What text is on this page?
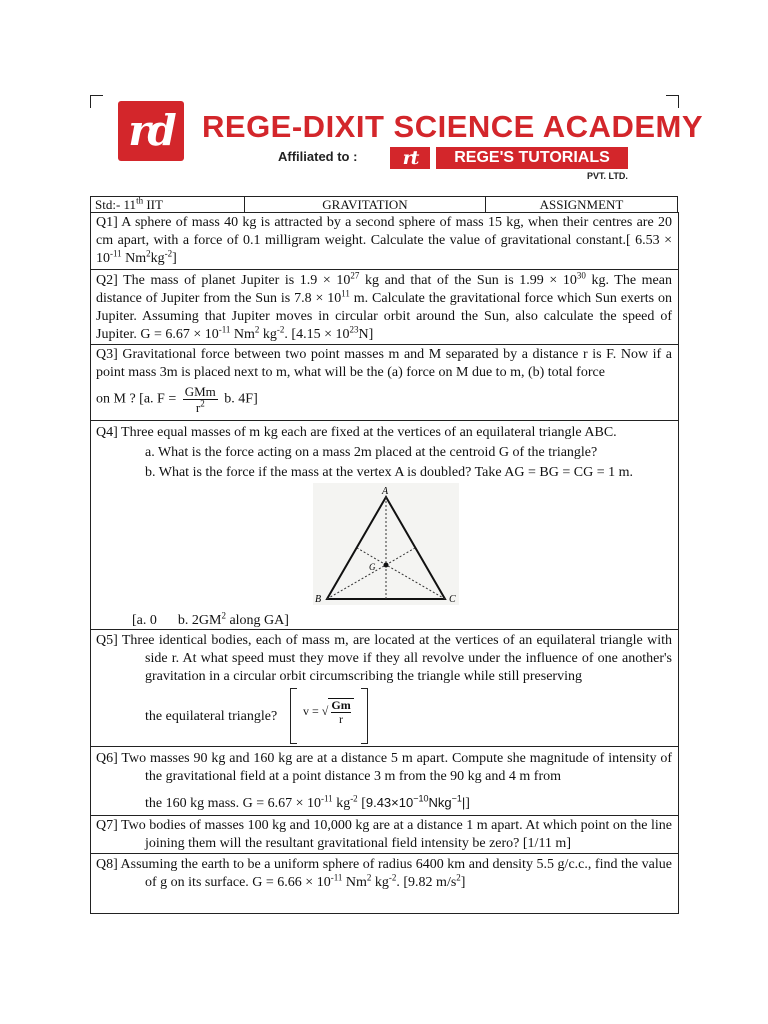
rd REGE-DIXIT SCIENCE ACADEMY
Affiliated to :	rt	REGE'S TUTORIALS
PVT. LTD.
Std:- 11th IIT	GRAVITATION	ASSIGNMENT
Q1] A sphere of mass 40 kg is attracted by a second sphere of mass 15 kg, when their centres are 20 cm apart, with a force of 0.1 milligram weight. Calculate the value of gravitational constant.[ $6.53 \times 10^{-11}$ $Nm^2kg^{-2}$]
Q2] The mass of planet Jupiter is $1.9 \times 10^{27}$ kg and that of the Sun is $1.99 \times 10^{30}$ kg. The mean distance of Jupiter from the Sun is $7.8 \times 10^{11}$ m. Calculate the gravitational force which Sun exerts on Jupiter. Assuming that Jupiter moves in circular orbit around the Sun, also calculate the speed of Jupiter. $G = 6.67 \times 10^{-11}$ Nm$^2$ $kg^{-2}$. $[4.15 \times 10^{23}N]$
Q3] Gravitational force between two point masses m and M separated by a distance r is F. Now if a point mass 3m is placed next to m, what will be the (a) force on M due to m, (b) total force
on M ? [a. $F = \frac{\text{GMm}}{r^2} b$. 4F]
Q4] Three equal masses of m kg each are fixed at the vertices of an equilateral triangle ABC.
a. What is the force acting on a mass 2m placed at the centroid G of the triangle?
b. What is the force if the mass at the vertex A is doubled? Take AG = BG = CG = 1 m.
A
B	C
G
[a. 0 b. $2GM^2$ along GA]
Q5] Three identical bodies, each of mass m, are located at the vertices of an equilateral triangle with side r. At what speed must they move if they all revolve under the influence of one another's gravitation in a circular orbit circumscribing the triangle while still preserving
the equilateral triangle?	v = √ $\frac{Gm}{r}$
Q6] Two masses 90 kg and 160 kg are at a distance 5 m apart. Compute she magnitude of intensity of the gravitational field at a point distance 3 m from the 90 kg and 4 m from
the 160 kg mass. $G = 6.67 \times 10^{-11}$ $kg^{-2}$ $[9.43\times 10^{-10}Nkg^{-1}|]$
Q7] Two bodies of masses 100 kg and 10,000 kg are at a distance 1 m apart. At which point on the line joining them will the resultant gravitational field intensity be zero? [1/11 m]
Q8] Assuming the earth to be a uniform sphere of radius 6400 km and density 5.5 g/c.c., find the value of g on its surface. $G = 6.66 \times 10^{-11}$ Nm$^2$ $kg^{-2}$. [9.82 $m/s^2$]
